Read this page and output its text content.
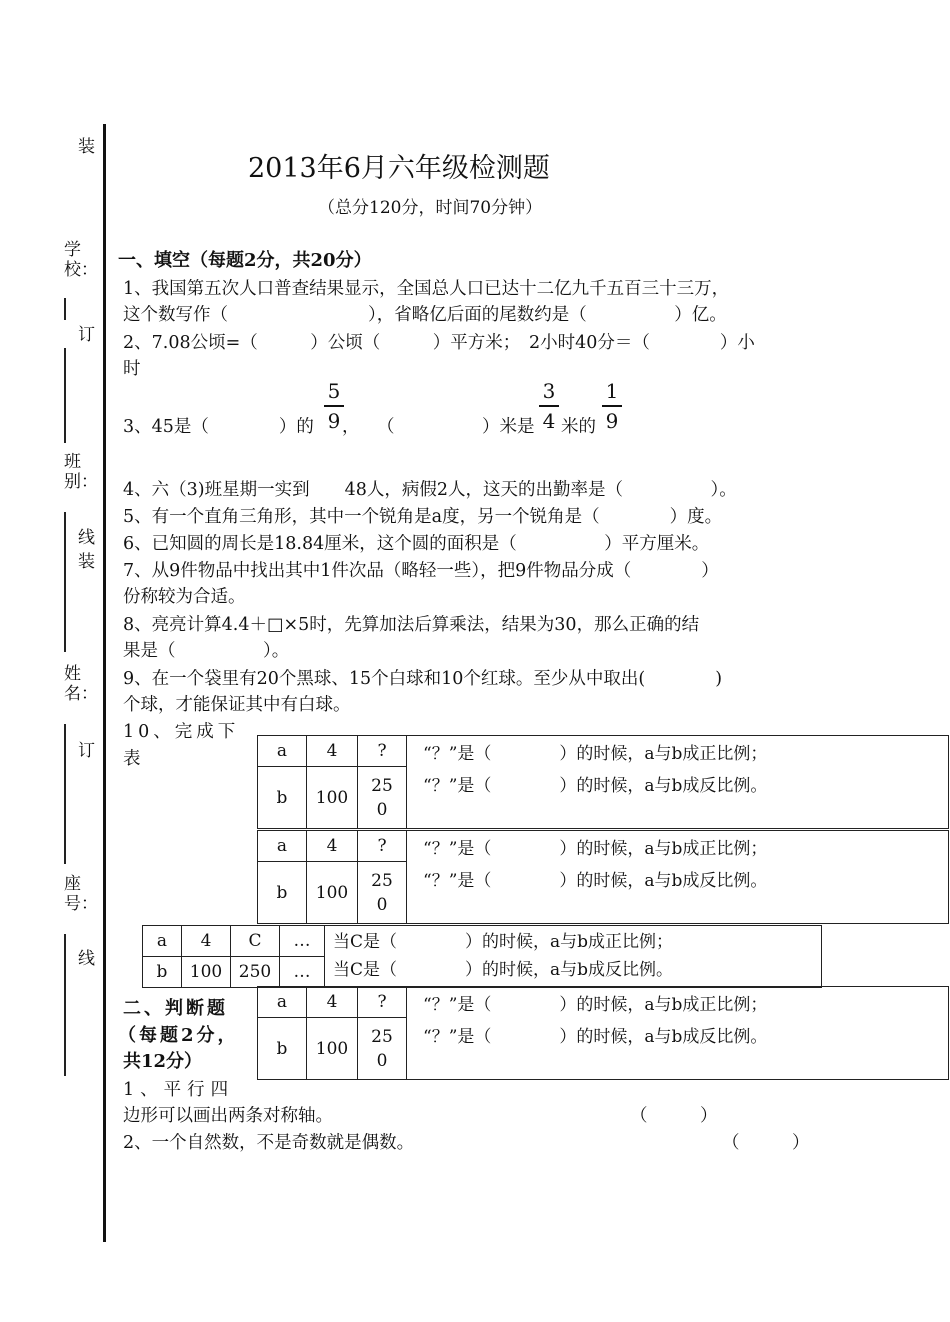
装
学校：
订
班别：
线装
姓名：
订
座号：
线
2013年6月六年级检测题
（总分120分，时间70分钟）
一、填空（每题2分，共20分）
1、我国第五次人口普查结果显示，全国总人口已达十二亿九千五百三十三万，
这个数写作（　　　　　　　　），省略亿后面的尾数约是（　　　　　）亿。
2、7.08公顷=（　　　）公顷（　　　）平方米；　2小时40分＝（　　　　）小
时
3、45是（　　　　）的
5
9 ，　　（　　　　　）米是
3
4 米的
1
9
4、六（3)班星期一实到　　48人，病假2人，这天的出勤率是（　　　　　）。
5、有一个直角三角形，其中一个锐角是a度，另一个锐角是（　　　　）度。
6、已知圆的周长是18.84厘米，这个圆的面积是（　　　　　）平方厘米。
7、从9件物品中找出其中1件次品（略轻一些），把9件物品分成（　　　　）
份称较为合适。
8、亮亮计算4.4＋□×5时，先算加法后算乘法，结果为30，那么正确的结
果是（　　　　　）。
9、在一个袋里有20个黑球、15个白球和10个红球。至少从中取出(　　　　)
个球，才能保证其中有白球。
10、完成下
表	a	4	?	“？”是（　　　　）的时候，a与b成正比例；
“？”是（　　　　）的时候，a与b成反比例。

b	100	25
0	
a	4	?	“？”是（　　　　）的时候，a与b成正比例；
“？”是（　　　　）的时候，a与b成反比例。

b	100	25
0	
a	4	C	…	当C是（　　　　）的时候，a与b成正比例；
当C是（　　　　）的时候，a与b成反比例。

b	100	250	…	
二、判断题
（每题2分，
共12分）
a	4	?	“？”是（　　　　）的时候，a与b成正比例；
“？”是（　　　　）的时候，a与b成反比例。

b	100	25
0	
1、平行四
边形可以画出两条对称轴。	（　　　）
2、一个自然数，不是奇数就是偶数。	（　　　）
